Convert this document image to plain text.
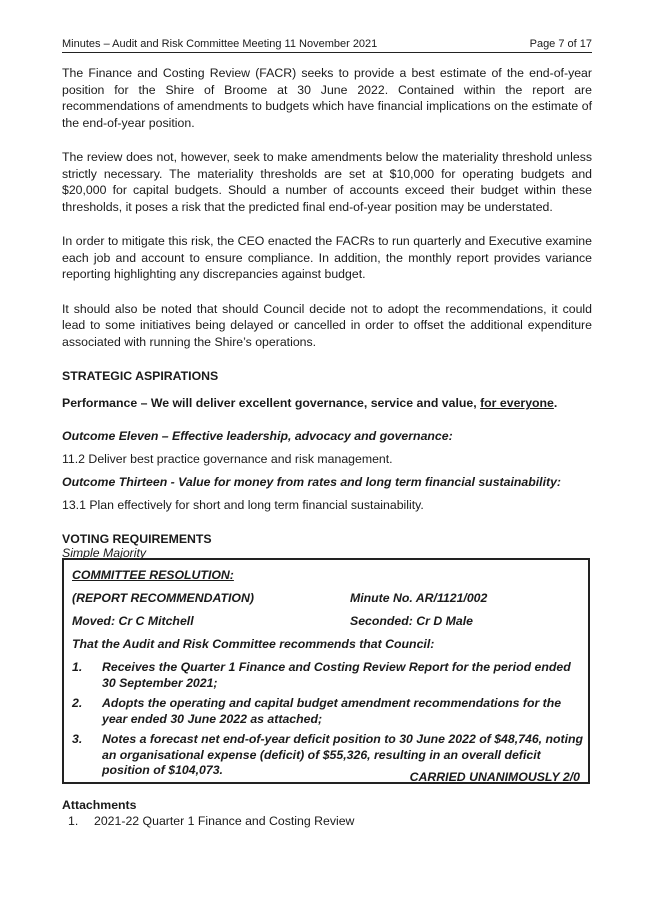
Minutes – Audit and Risk Committee Meeting 11 November 2021	Page 7 of 17

The Finance and Costing Review (FACR) seeks to provide a best estimate of the end-of-year position for the Shire of Broome at 30 June 2022. Contained within the report are recommendations of amendments to budgets which have financial implications on the estimate of the end-of-year position.

The review does not, however, seek to make amendments below the materiality threshold unless strictly necessary. The materiality thresholds are set at $10,000 for operating budgets and $20,000 for capital budgets. Should a number of accounts exceed their budget within these thresholds, it poses a risk that the predicted final end-of-year position may be understated.

In order to mitigate this risk, the CEO enacted the FACRs to run quarterly and Executive examine each job and account to ensure compliance. In addition, the monthly report provides variance reporting highlighting any discrepancies against budget.

It should also be noted that should Council decide not to adopt the recommendations, it could lead to some initiatives being delayed or cancelled in order to offset the additional expenditure associated with running the Shire’s operations.

STRATEGIC ASPIRATIONS

Performance – We will deliver excellent governance, service and value, for everyone.

Outcome Eleven – Effective leadership, advocacy and governance:

11.2 Deliver best practice governance and risk management.

Outcome Thirteen - Value for money from rates and long term financial sustainability:

13.1 Plan effectively for short and long term financial sustainability.

VOTING REQUIREMENTS

Simple Majority

COMMITTEE RESOLUTION:
(REPORT RECOMMENDATION)	Minute No. AR/1121/002
Moved: Cr C Mitchell	Seconded: Cr D Male
That the Audit and Risk Committee recommends that Council:
1. Receives the Quarter 1 Finance and Costing Review Report for the period ended 30 September 2021;
2. Adopts the operating and capital budget amendment recommendations for the year ended 30 June 2022 as attached;
3. Notes a forecast net end-of-year deficit position to 30 June 2022 of $48,746, noting an organisational expense (deficit) of $55,326, resulting in an overall deficit position of $104,073.	CARRIED UNANIMOUSLY 2/0
Attachments
1. 2021-22 Quarter 1 Finance and Costing Review
